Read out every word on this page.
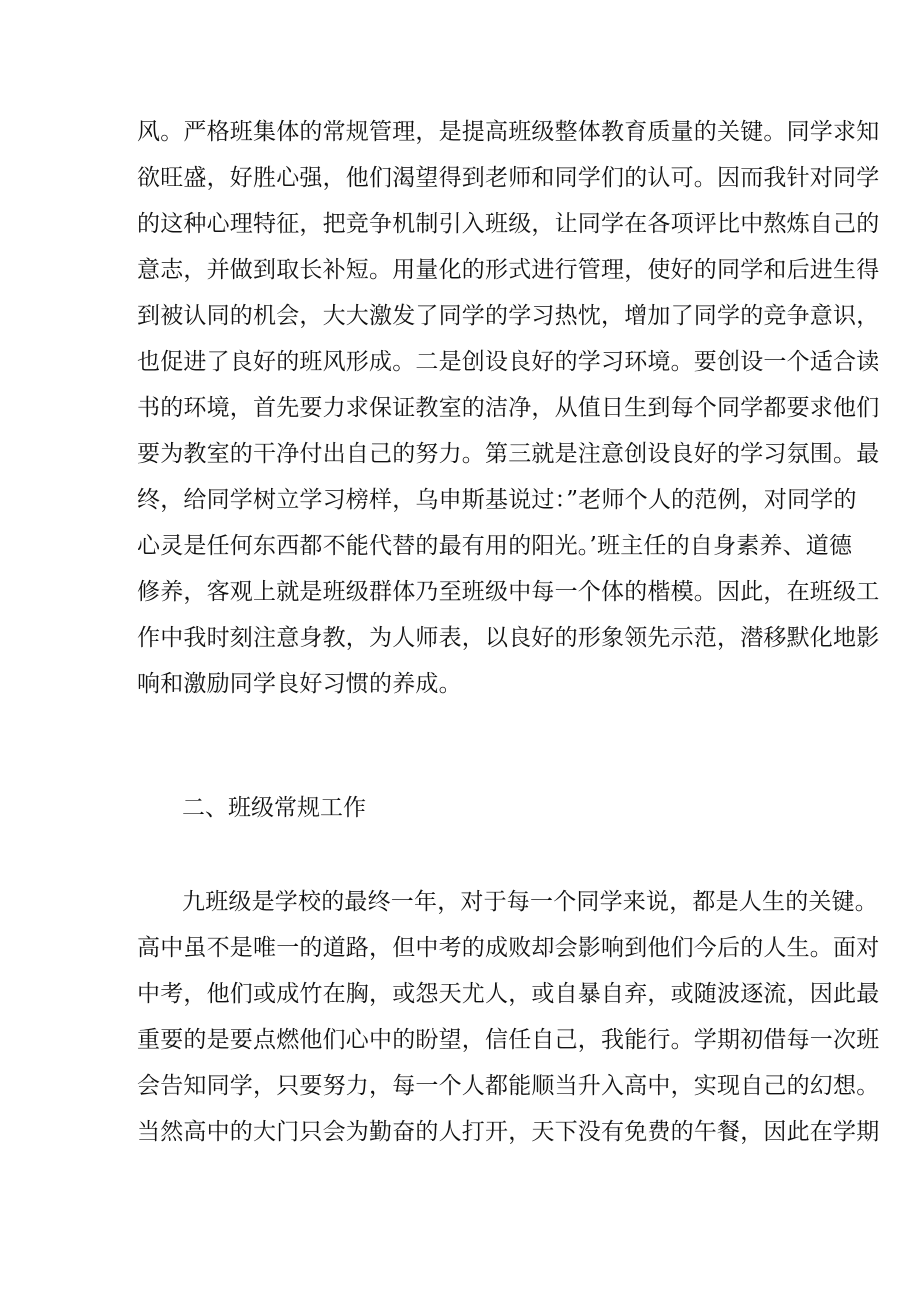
风。严格班集体的常规管理，是提高班级整体教育质量的关键。同学求知
欲旺盛，好胜心强，他们渴望得到老师和同学们的认可。因而我针对同学
的这种心理特征，把竞争机制引入班级，让同学在各项评比中熬炼自己的
意志，并做到取长补短。用量化的形式进行管理，使好的同学和后进生得
到被认同的机会，大大激发了同学的学习热忱，增加了同学的竞争意识，
也促进了良好的班风形成。二是创设良好的学习环境。要创设一个适合读
书的环境，首先要力求保证教室的洁净，从值日生到每个同学都要求他们
要为教室的干净付出自己的努力。第三就是注意创设良好的学习氛围。最
终，给同学树立学习榜样，乌申斯基说过：”老师个人的范例，对同学的
心灵是任何东西都不能代替的最有用的阳光。’班主任的自身素养、道德
修养，客观上就是班级群体乃至班级中每一个体的楷模。因此，在班级工
作中我时刻注意身教，为人师表，以良好的形象领先示范，潜移默化地影
响和激励同学良好习惯的养成。
二、班级常规工作
九班级是学校的最终一年，对于每一个同学来说，都是人生的关键。
高中虽不是唯一的道路，但中考的成败却会影响到他们今后的人生。面对
中考，他们或成竹在胸，或怨天尤人，或自暴自弃，或随波逐流，因此最
重要的是要点燃他们心中的盼望，信任自己，我能行。学期初借每一次班
会告知同学，只要努力，每一个人都能顺当升入高中，实现自己的幻想。
当然高中的大门只会为勤奋的人打开，天下没有免费的午餐，因此在学期
